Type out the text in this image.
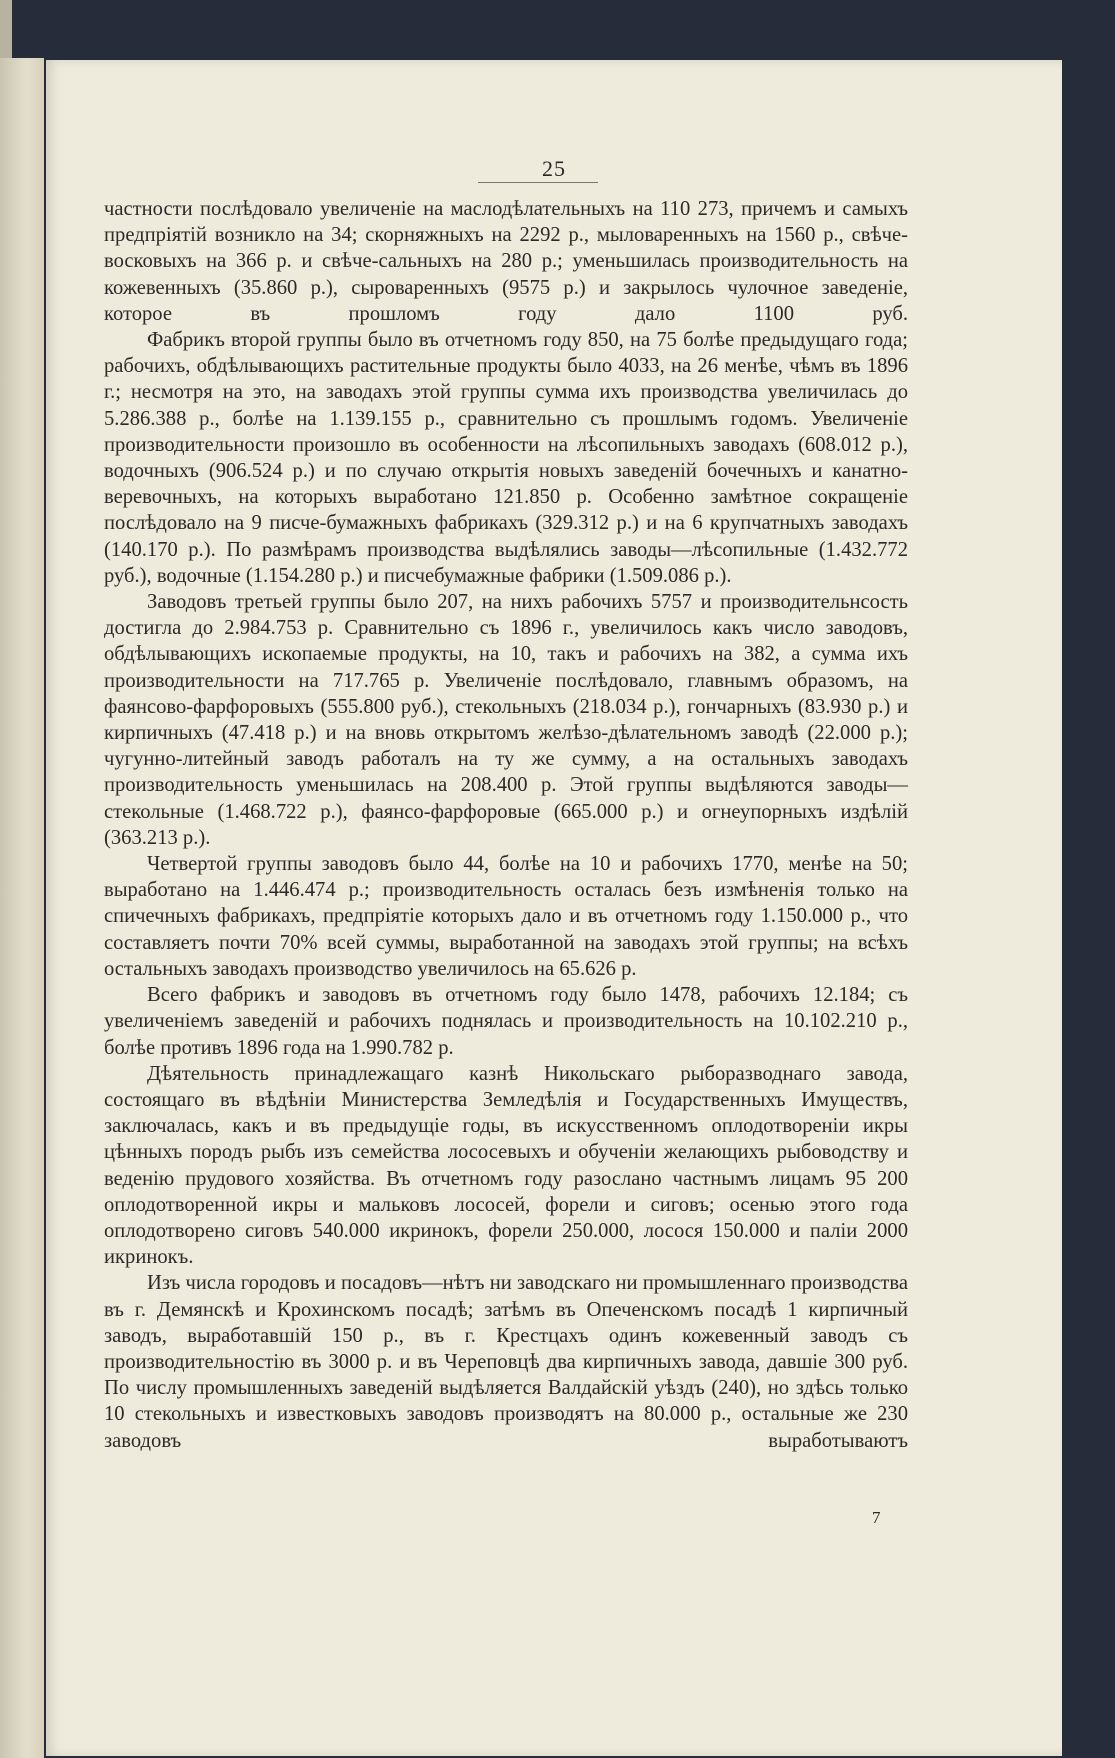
25

частности послѣдовало увеличеніе на маслодѣлательныхъ на 110 273, причемъ и самыхъ предпріятій возникло на 34; скорняжныхъ на 2292 р., мыловаренныхъ на 1560 р., свѣче-восковыхъ на 366 р. и свѣче-сальныхъ на 280 р.; уменьшилась производительность на кожевенныхъ (35.860 р.), сыроваренныхъ (9575 р.) и закрылось чулочное заведеніе, которое въ прошломъ году дало 1100 руб.

Фабрикъ второй группы было въ отчетномъ году 850, на 75 болѣе предыдущаго года; рабочихъ, обдѣлывающихъ растительные продукты было 4033, на 26 менѣе, чѣмъ въ 1896 г.; несмотря на это, на заводахъ этой группы сумма ихъ производства увеличилась до 5.286.388 р., болѣе на 1.139.155 р., сравнительно съ прошлымъ годомъ. Увеличеніе производительности произошло въ особенности на лѣсопильныхъ заводахъ (608.012 р.), водочныхъ (906.524 р.) и по случаю открытія новыхъ заведеній бочечныхъ и канатно-веревочныхъ, на которыхъ выработано 121.850 р. Особенно замѣтное сокращеніе послѣдовало на 9 писче-бумажныхъ фабрикахъ (329.312 р.) и на 6 крупчатныхъ заводахъ (140.170 р.). По размѣрамъ производства выдѣлялись заводы—лѣсопильные (1.432.772 руб.), водочные (1.154.280 р.) и писчебумажные фабрики (1.509.086 р.).

Заводовъ третьей группы было 207, на нихъ рабочихъ 5757 и производительнсость достигла до 2.984.753 р. Сравнительно съ 1896 г., увеличилось какъ число заводовъ, обдѣлывающихъ ископаемые продукты, на 10, такъ и рабочихъ на 382, а сумма ихъ производительности на 717.765 р. Увеличеніе послѣдовало, главнымъ образомъ, на фаянсово-фарфоровыхъ (555.800 руб.), стекольныхъ (218.034 р.), гончарныхъ (83.930 р.) и кирпичныхъ (47.418 р.) и на вновь открытомъ желѣзо-дѣлательномъ заводѣ (22.000 р.); чугунно-литейный заводъ работалъ на ту же сумму, а на остальныхъ заводахъ производительность уменьшилась на 208.400 р. Этой группы выдѣляются заводы—стекольные (1.468.722 р.), фаянсо-фарфоровые (665.000 р.) и огнеупорныхъ издѣлій (363.213 р.).

Четвертой группы заводовъ было 44, болѣе на 10 и рабочихъ 1770, менѣе на 50; выработано на 1.446.474 р.; производительность осталась безъ измѣненія только на спичечныхъ фабрикахъ, предпріятіе которыхъ дало и въ отчетномъ году 1.150.000 р., что составляетъ почти 70% всей суммы, выработанной на заводахъ этой группы; на всѣхъ остальныхъ заводахъ производство увеличилось на 65.626 р.

Всего фабрикъ и заводовъ въ отчетномъ году было 1478, рабочихъ 12.184; съ увеличеніемъ заведеній и рабочихъ поднялась и производительность на 10.102.210 р., болѣе противъ 1896 года на 1.990.782 р.

Дѣятельность принадлежащаго казнѣ Никольскаго рыборазводнаго завода, состоящаго въ вѣдѣніи Министерства Земледѣлія и Государственныхъ Имуществъ, заключалась, какъ и въ предыдущіе годы, въ искусственномъ оплодотвореніи икры цѣнныхъ породъ рыбъ изъ семейства лососевыхъ и обученіи желающихъ рыбоводству и веденію прудового хозяйства. Въ отчетномъ году разослано частнымъ лицамъ 95 200 оплодотворенной икры и мальковъ лососей, форели и сиговъ; осенью этого года оплодотворено сиговъ 540.000 икринокъ, форели 250.000, лосося 150.000 и паліи 2000 икринокъ.

Изъ числа городовъ и посадовъ—нѣтъ ни заводскаго ни промышленнаго производства въ г. Демянскѣ и Крохинскомъ посадѣ; затѣмъ въ Опеченскомъ посадѣ 1 кирпичный заводъ, выработавшій 150 р., въ г. Крестцахъ одинъ кожевенный заводъ съ производительностію въ 3000 р. и въ Череповцѣ два кирпичныхъ завода, давшіе 300 руб. По числу промышленныхъ заведеній выдѣляется Валдайскій уѣздъ (240), но здѣсь только 10 стекольныхъ и известковыхъ заводовъ производятъ на 80.000 р., остальные же 230 заводовъ выработываютъ

7
